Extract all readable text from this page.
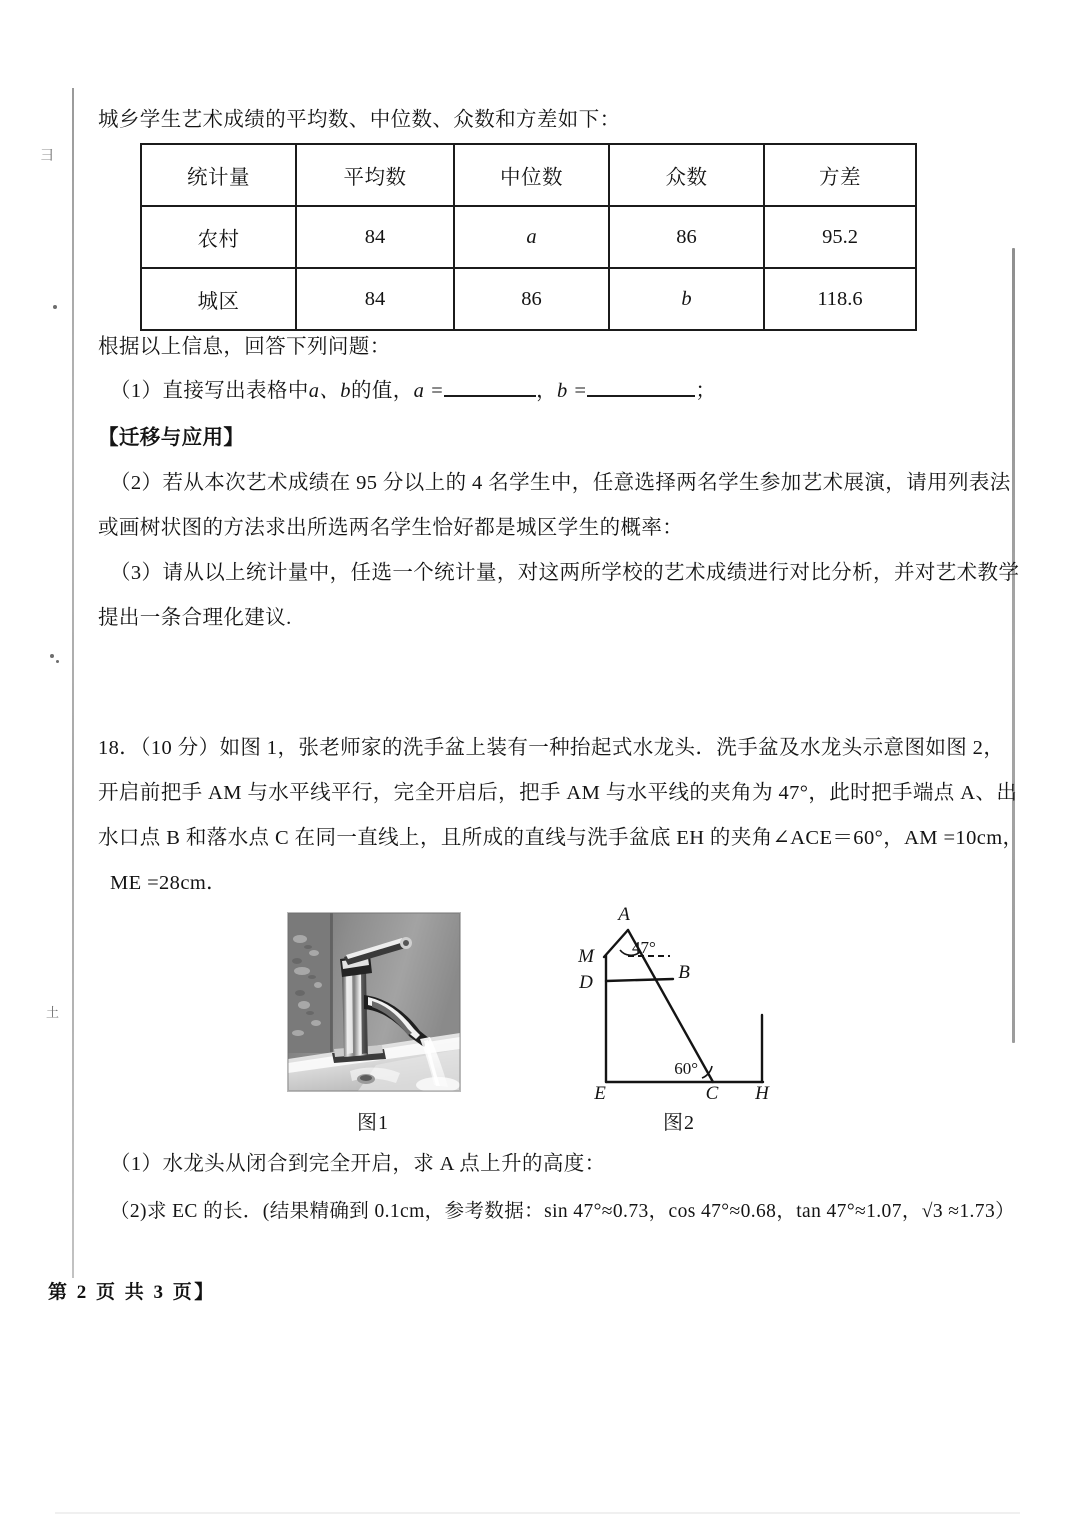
彐
土
城乡学生艺术成绩的平均数、中位数、众数和方差如下：
统计量	平均数	中位数	众数	方差
农村	84	a	86	95.2
城区	84	86	b	118.6
根据以上信息，回答下列问题：
（1）直接写出表格中a、b的值，a =	，b =	；
【迁移与应用】
（2）若从本次艺术成绩在 95 分以上的 4 名学生中，任意选择两名学生参加艺术展演，请用列表法
或画树状图的方法求出所选两名学生恰好都是城区学生的概率：
（3）请从以上统计量中，任选一个统计量，对这两所学校的艺术成绩进行对比分析，并对艺术教学
提出一条合理化建议.
18．（10 分）如图 1，张老师家的洗手盆上装有一种抬起式水龙头．洗手盆及水龙头示意图如图 2，
开启前把手 AM 与水平线平行，完全开启后，把手 AM 与水平线的夹角为 47°，此时把手端点 A、出
水口点 B 和落水点 C 在同一直线上，且所成的直线与洗手盆底 EH 的夹角∠ACE＝60°，AM =10cm，
ME =28cm．
A
M
D	B
E	C H
47°
60°
图1	图2
（1）水龙头从闭合到完全开启，求 A 点上升的高度：
（2)求 EC 的长．(结果精确到 0.1cm，参考数据：sin 47°≈0.73，cos 47°≈0.68，tan 47°≈1.07，√3 ≈1.73）
第 2 页 共 3 页】
